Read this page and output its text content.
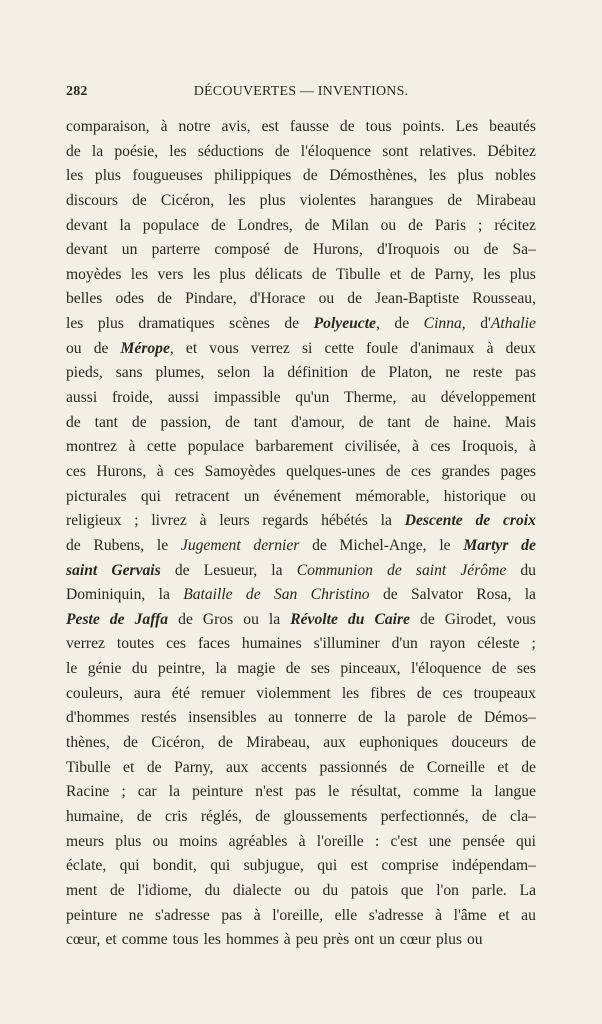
282	DÉCOUVERTES — INVENTIONS.
comparaison, à notre avis, est fausse de tous points. Les beautés
de la poésie, les séductions de l'éloquence sont relatives. Débitez
les plus fougueuses philippiques de Démosthènes, les plus nobles
discours de Cicéron, les plus violentes harangues de Mirabeau
devant la populace de Londres, de Milan ou de Paris ; récitez
devant un parterre composé de Hurons, d'Iroquois ou de Sa–
moyèdes les vers les plus délicats de Tibulle et de Parny, les plus
belles odes de Pindare, d'Horace ou de Jean-Baptiste Rousseau,
les plus dramatiques scènes de Polyeucte, de Cinna, d'Athalie
ou de Mérope, et vous verrez si cette foule d'animaux à deux
pieds, sans plumes, selon la définition de Platon, ne reste pas
aussi froide, aussi impassible qu'un Therme, au développement
de tant de passion, de tant d'amour, de tant de haine. Mais
montrez à cette populace barbarement civilisée, à ces Iroquois, à
ces Hurons, à ces Samoyèdes quelques-unes de ces grandes pages
picturales qui retracent un événement mémorable, historique ou
religieux ; livrez à leurs regards hébétés la Descente de croix
de Rubens, le Jugement dernier de Michel-Ange, le Martyr de
saint Gervais de Lesueur, la Communion de saint Jérôme du
Dominiquin, la Bataille de San Christino de Salvator Rosa, la
Peste de Jaffa de Gros ou la Révolte du Caire de Girodet, vous
verrez toutes ces faces humaines s'illuminer d'un rayon céleste ;
le génie du peintre, la magie de ses pinceaux, l'éloquence de ses
couleurs, aura été remuer violemment les fibres de ces troupeaux
d'hommes restés insensibles au tonnerre de la parole de Démos–
thènes, de Cicéron, de Mirabeau, aux euphoniques douceurs de
Tibulle et de Parny, aux accents passionnés de Corneille et de
Racine ; car la peinture n'est pas le résultat, comme la langue
humaine, de cris réglés, de gloussements perfectionnés, de cla–
meurs plus ou moins agréables à l'oreille : c'est une pensée qui
éclate, qui bondit, qui subjugue, qui est comprise indépendam–
ment de l'idiome, du dialecte ou du patois que l'on parle. La
peinture ne s'adresse pas à l'oreille, elle s'adresse à l'âme et au
cœur, et comme tous les hommes à peu près ont un cœur plus ou
